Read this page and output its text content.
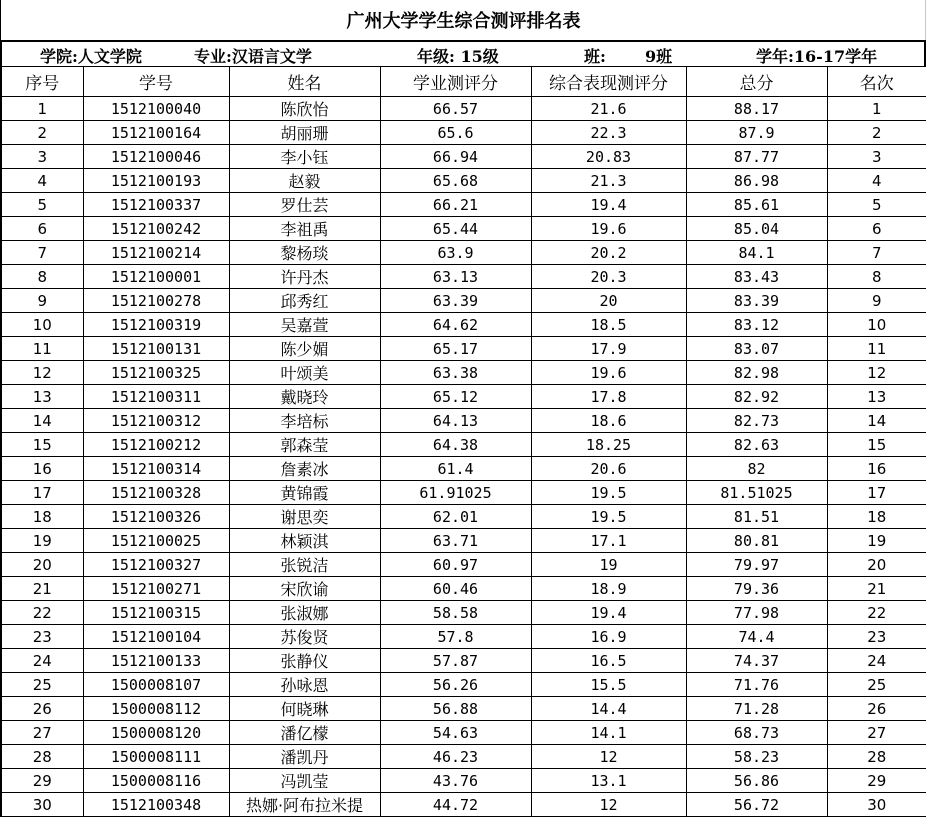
广州大学学生综合测评排名表
学院:人文学院	专业:汉语言文学	年级: 15级	班: 9班	学年:16-17学年
序号	学号	姓名	学业测评分	综合表现测评分	总分	名次
1	1512100040	陈欣怡	66.57	21.6	88.17	1
2	1512100164	胡丽珊	65.6	22.3	87.9	2
3	1512100046	李小钰	66.94	20.83	87.77	3
4	1512100193	赵毅	65.68	21.3	86.98	4
5	1512100337	罗仕芸	66.21	19.4	85.61	5
6	1512100242	李祖禹	65.44	19.6	85.04	6
7	1512100214	黎杨琰	63.9	20.2	84.1	7
8	1512100001	许丹杰	63.13	20.3	83.43	8
9	1512100278	邱秀红	63.39	20	83.39	9
10	1512100319	吴嘉萱	64.62	18.5	83.12	10
11	1512100131	陈少媚	65.17	17.9	83.07	11
12	1512100325	叶颂美	63.38	19.6	82.98	12
13	1512100311	戴晓玲	65.12	17.8	82.92	13
14	1512100312	李培标	64.13	18.6	82.73	14
15	1512100212	郭森莹	64.38	18.25	82.63	15
16	1512100314	詹素冰	61.4	20.6	82	16
17	1512100328	黄锦霞	61.91025	19.5	81.51025	17
18	1512100326	谢思奕	62.01	19.5	81.51	18
19	1512100025	林颖淇	63.71	17.1	80.81	19
20	1512100327	张锐洁	60.97	19	79.97	20
21	1512100271	宋欣谕	60.46	18.9	79.36	21
22	1512100315	张淑娜	58.58	19.4	77.98	22
23	1512100104	苏俊贤	57.8	16.9	74.4	23
24	1512100133	张静仪	57.87	16.5	74.37	24
25	1500008107	孙咏恩	56.26	15.5	71.76	25
26	1500008112	何晓琳	56.88	14.4	71.28	26
27	1500008120	潘亿檬	54.63	14.1	68.73	27
28	1500008111	潘凯丹	46.23	12	58.23	28
29	1500008116	冯凯莹	43.76	13.1	56.86	29
30	1512100348	热娜·阿布拉米提	44.72	12	56.72	30
